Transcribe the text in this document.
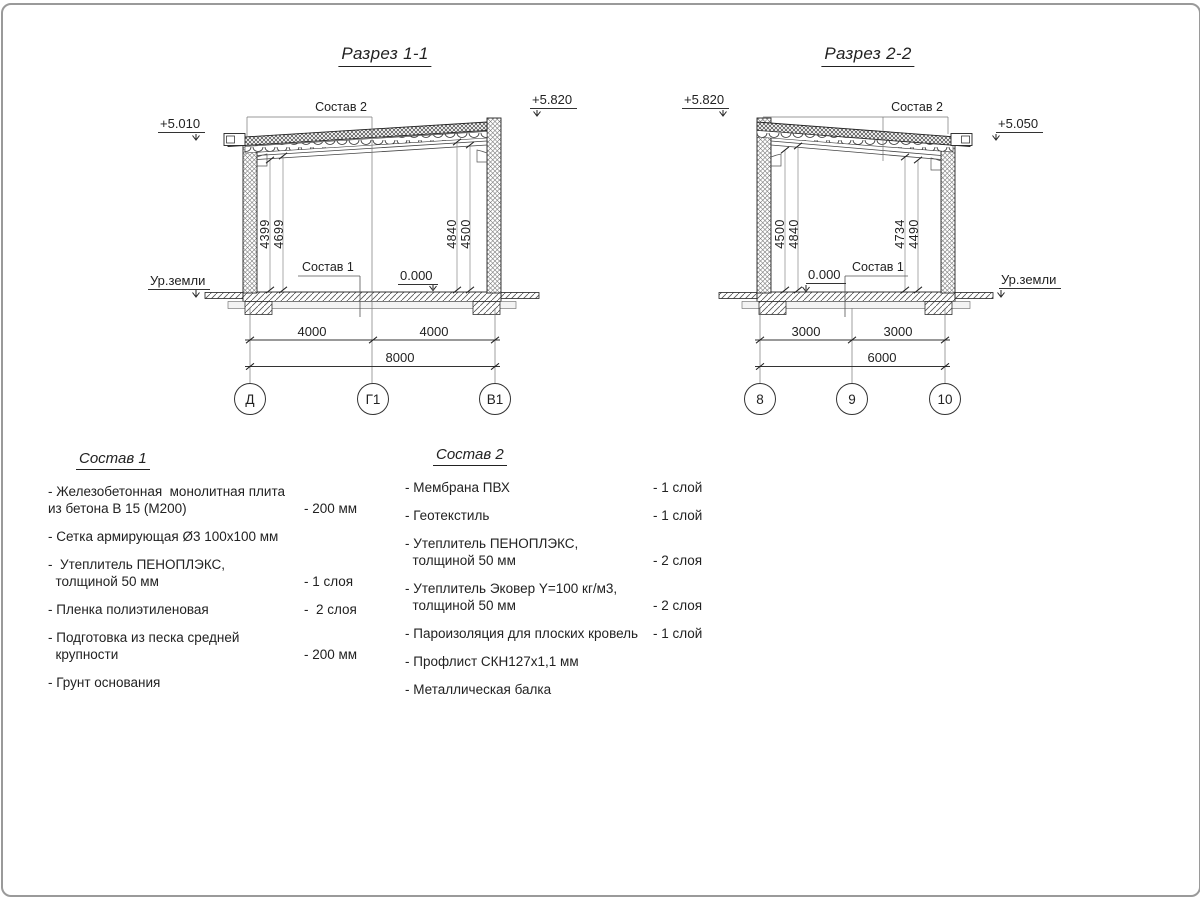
Разрез 1-1
+5.010
+5.820
Состав 2
Состав 1
0.000
Ур.земли
4399 4699	4840 4500
4000	4000
8000
Д	Г1	В1
Разрез 2-2
+5.820
+5.050
Состав 2
Состав 1
0.000	Ур.земли
4500 4840	4734 4490
3000	3000
6000
8	9	10
Состав 1
- Железобетонная  монолитная плита
из бетона В 15 (М200)	- 200 мм
- Сетка армирующая Ø3 100x100 мм
-  Утеплитель ПЕНОПЛЭКС,
толщиной 50 мм	- 1 слоя
- Пленка полиэтиленовая	-  2 слоя
- Подготовка из песка средней
крупности	- 200 мм
- Грунт основания
Состав 2
- Мембрана ПВХ	- 1 слой
- Геотекстиль	- 1 слой
- Утеплитель ПЕНОПЛЭКС,
толщиной 50 мм	- 2 слоя
- Утеплитель Эковер Y=100 кг/м3,
толщиной 50 мм	- 2 слоя
- Пароизоляция для плоских кровель	- 1 слой
- Профлист СКН127х1,1 мм
- Металлическая балка
